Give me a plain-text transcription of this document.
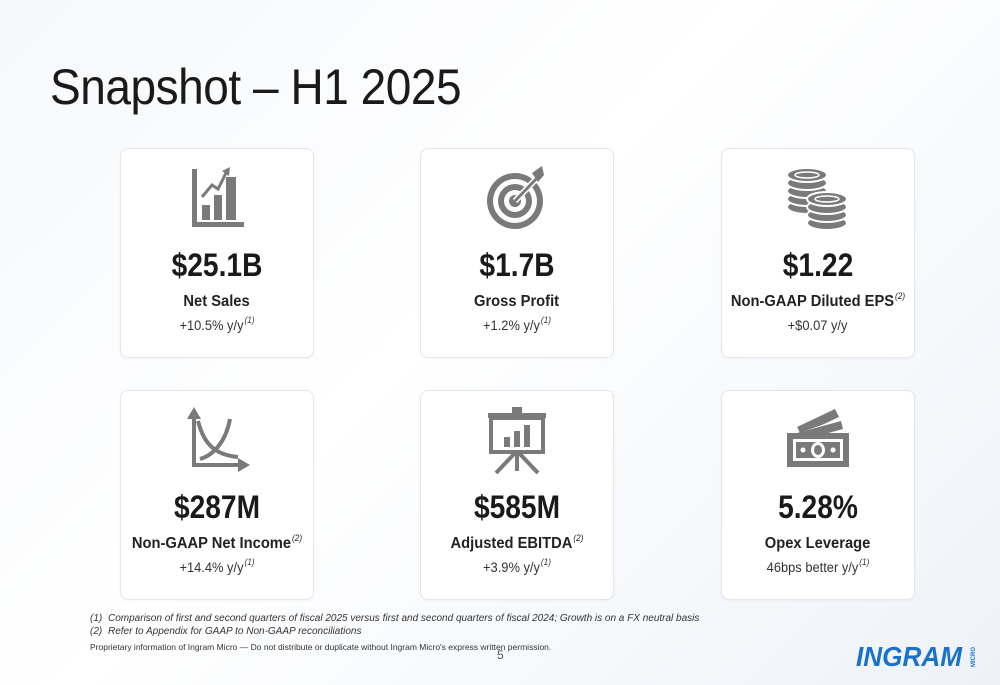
Snapshot – H1 2025
$25.1B
Net Sales
+10.5% $y/y^{(1)}$
$1.7B
Gross Profit
+1.2% $y/y^{(1)}$
$1.22
Non-GAAP Diluted $EPS^{(2)}$
+$0.07 y/y
$287M
Non-GAAP Net Income$^{(2)}$
+14.4% $y/y^{(1)}$
$585M
Adjusted $EBITDA^{(2)}$
+3.9% $y/y^{(1)}$
5.28%
Opex Leverage
46bps better $y/y^{(1)}$
(1) Comparison of first and second quarters of fiscal 2025 versus first and second quarters of fiscal 2024; Growth is on a FX neutral basis
(2) Refer to Appendix for GAAP to Non-GAAP reconciliations
Proprietary information of Ingram Micro — Do not distribute or duplicate without Ingram Micro's express written permission.
5	INGRAM MICRO
